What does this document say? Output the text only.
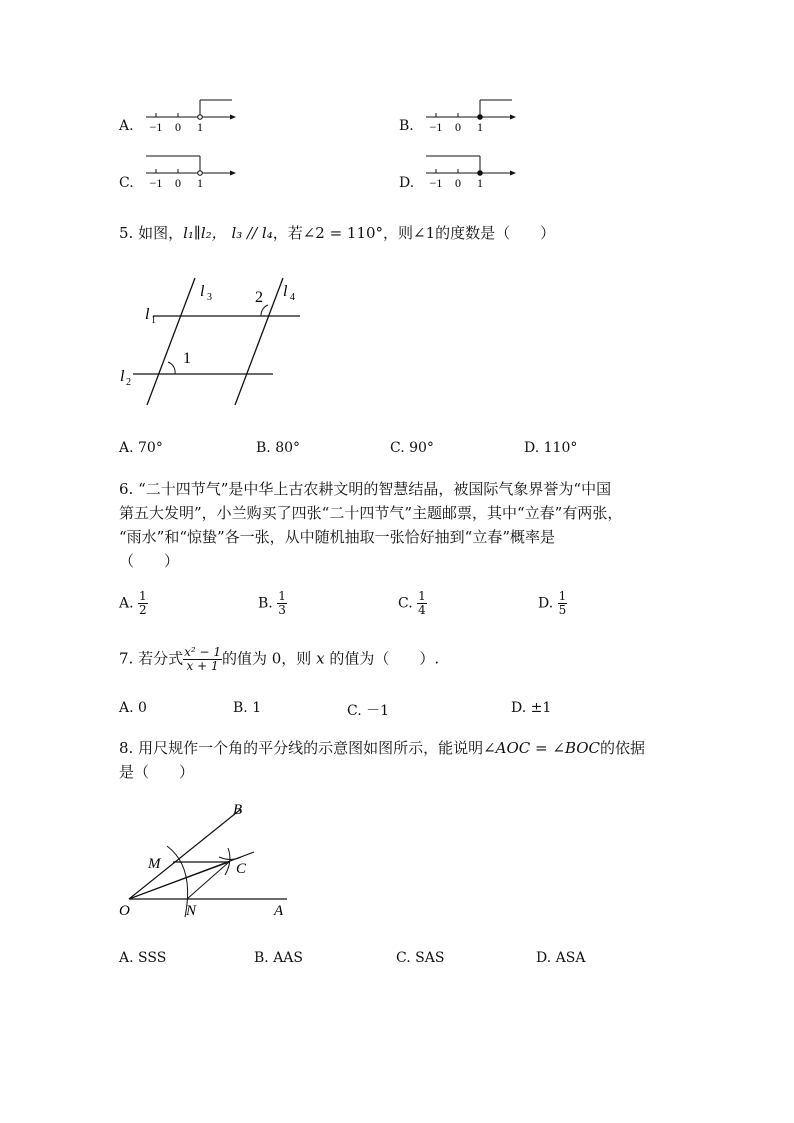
A. −1 0 1	B. −1 0 1
C. −1 0 1	D. −1 0 1
5. 如图，l₁∥l₂， l₃ // l₄，若∠2 = 110°，则∠1的度数是（　　）
l 3	l 4
l 1
l 2
1
2
A. 70°	B. 80°	C. 90°	D. 110°
6. “二十四节气”是中华上古农耕文明的智慧结晶，被国际气象界誉为“中国
第五大发明”，小兰购买了四张“二十四节气”主题邮票，其中“立春”有两张，
“雨水”和“惊蛰”各一张，从中随机抽取一张恰好抽到“立春”概率是
（　　）
A. $\frac{1}{2}$	B. $\frac{1}{3}$	C. $\frac{1}{4}$	D. $\frac{1}{5}$
7. 若分式 $\frac{\text{x² − 1}}{x + 1}$ 的值为 0，则 x 的值为（　　）.
A. 0	B. 1	C. －1	D. ±1
8. 用尺规作一个角的平分线的示意图如图所示，能说明∠AOC = ∠BOC的依据
是（　　）
B
M	C
O	N	A
A. SSS	B. AAS	C. SAS	D. ASA
